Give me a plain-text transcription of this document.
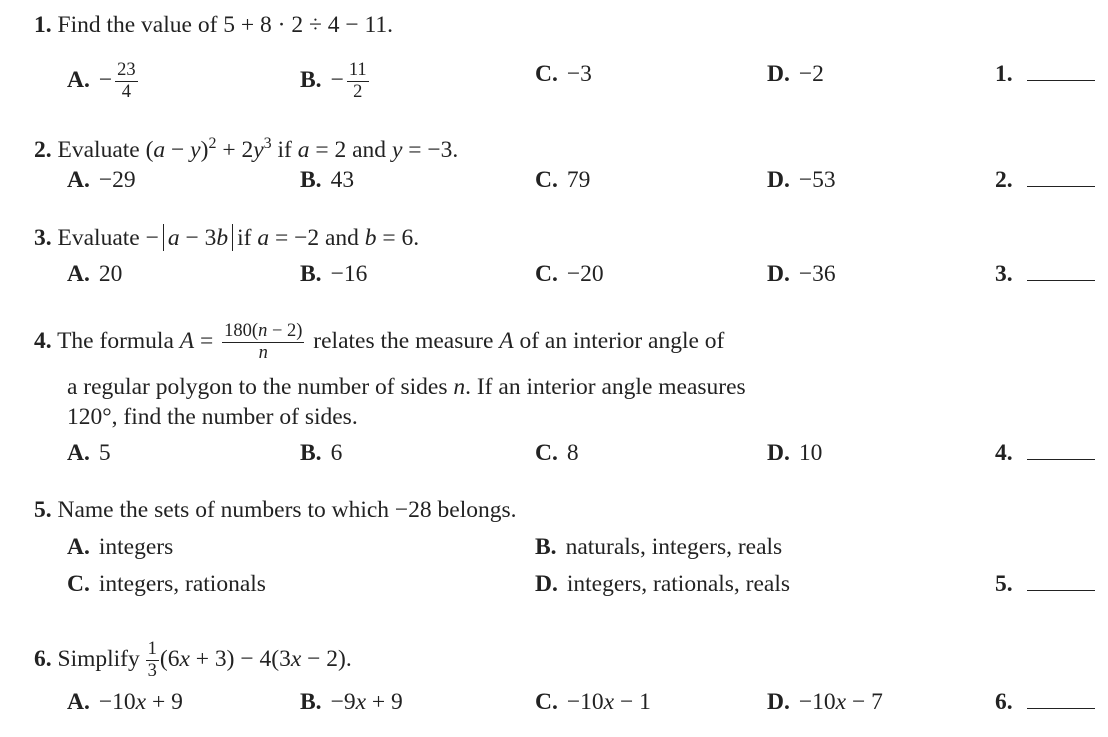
1. Find the value of 5 + 8 · 2 ÷ 4 − 11.
A. − $\frac{23}{4}$	B. − $\frac{11}{2}$	C. −3	D. −2	1.
2. Evaluate $(a - y)^2 + 2y^3$ if a = 2 and y = −3.
A. −29	B. 43	C. 79	D. −53	2.
3. Evaluate − a − 3b if a = −2 and b = 6.
A. 20	B. −16	C. −20	D. −36	3.
4. The formula $A = \frac{180(n - 2)}{n}$ relates the measure A of an interior angle of
a regular polygon to the number of sides n. If an interior angle measures
120°, find the number of sides.
A. 5	B. 6	C. 8	D. 10	4.
5. Name the sets of numbers to which −28 belongs.
A. integers	B. naturals, integers, reals
C. integers, rationals	D. integers, rationals, reals	5.
6. Simplify $\frac{1}{3} (6x + 3) - 4(3x - 2)$.
A. −10x + 9	B. −9x + 9	C. −10x − 1	D. −10x − 7	6.
